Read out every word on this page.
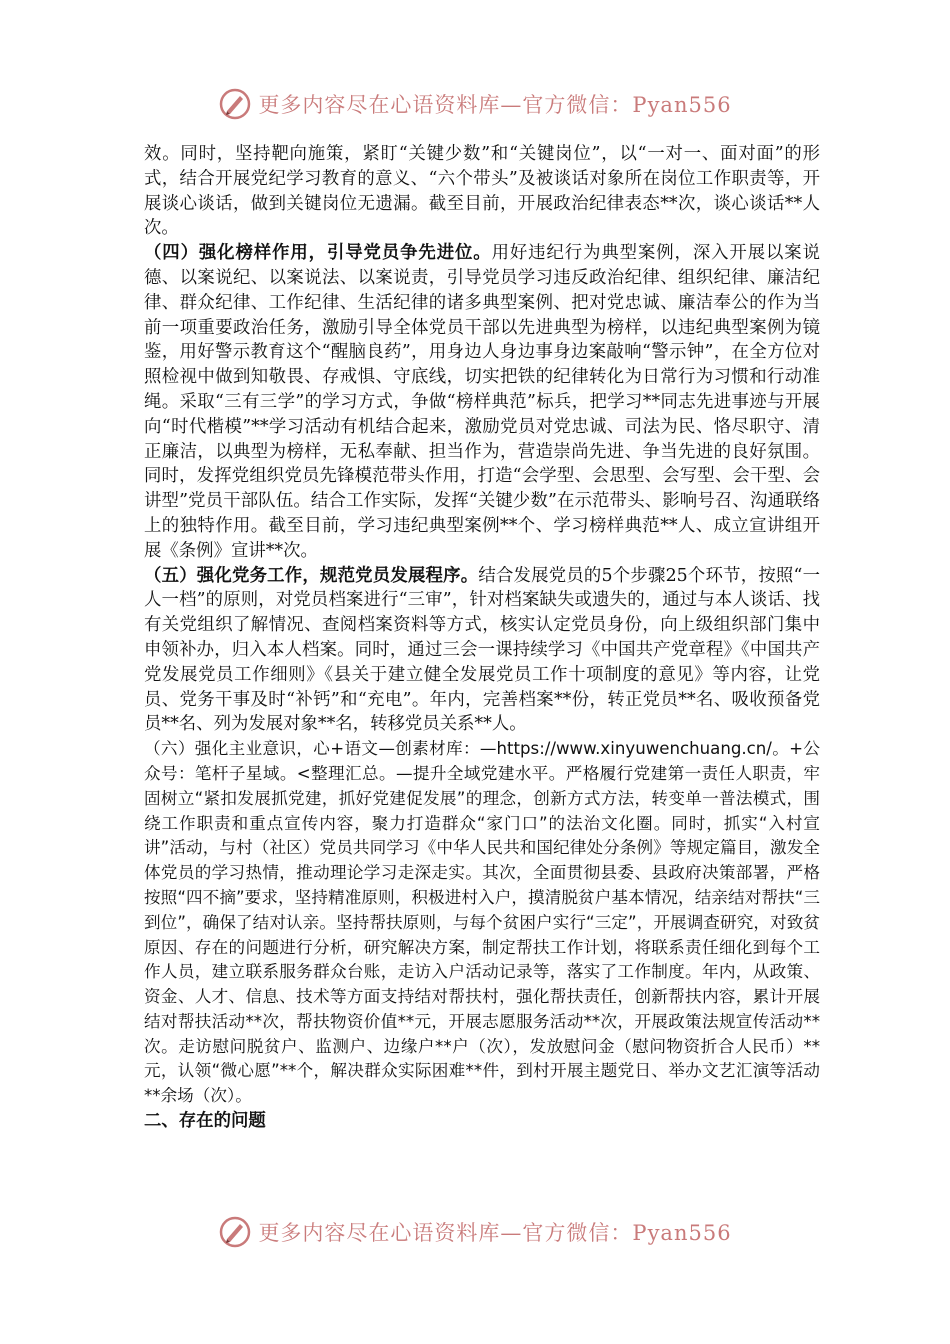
更多内容尽在心语资料库—官方微信：Pyan556

效。同时，坚持靶向施策，紧盯“关键少数”和“关键岗位”，以“一对一、面对面”的形式，结合开展党纪学习教育的意义、“六个带头”及被谈话对象所在岗位工作职责等，开展谈心谈话，做到关键岗位无遗漏。截至目前，开展政治纪律表态**次，谈心谈话**人次。

（四）强化榜样作用，引导党员争先进位。用好违纪行为典型案例，深入开展以案说德、以案说纪、以案说法、以案说责，引导党员学习违反政治纪律、组织纪律、廉洁纪律、群众纪律、工作纪律、生活纪律的诸多典型案例、把对党忠诚、廉洁奉公的作为当前一项重要政治任务，激励引导全体党员干部以先进典型为榜样，以违纪典型案例为镜鉴，用好警示教育这个“醒脑良药”，用身边人身边事身边案敲响“警示钟”，在全方位对照检视中做到知敬畏、存戒惧、守底线，切实把铁的纪律转化为日常行为习惯和行动准绳。采取“三有三学”的学习方式，争做“榜样典范”标兵，把学习**同志先进事迹与开展向“时代楷模”**学习活动有机结合起来，激励党员对党忠诚、司法为民、恪尽职守、清正廉洁，以典型为榜样，无私奉献、担当作为，营造崇尚先进、争当先进的良好氛围。同时，发挥党组织党员先锋模范带头作用，打造“会学型、会思型、会写型、会干型、会讲型”党员干部队伍。结合工作实际，发挥“关键少数”在示范带头、影响号召、沟通联络上的独特作用。截至目前，学习违纪典型案例**个、学习榜样典范**人、成立宣讲组开展《条例》宣讲**次。

（五）强化党务工作，规范党员发展程序。结合发展党员的5个步骤25个环节，按照“一人一档”的原则，对党员档案进行“三审”，针对档案缺失或遗失的，通过与本人谈话、找有关党组织了解情况、查阅档案资料等方式，核实认定党员身份，向上级组织部门集中申领补办，归入本人档案。同时，通过三会一课持续学习《中国共产党章程》《中国共产党发展党员工作细则》《县关于建立健全发展党员工作十项制度的意见》等内容，让党员、党务干事及时“补钙”和“充电”。年内，完善档案**份，转正党员**名、吸收预备党员**名、列为发展对象**名，转移党员关系**人。

（六）强化主业意识，心+语文—创素材库：—https://www.xinyuwenchuang.cn/。+公众号：笔杆子星域。<整理汇总。—提升全域党建水平。严格履行党建第一责任人职责，牢固树立“紧扣发展抓党建，抓好党建促发展”的理念，创新方式方法，转变单一普法模式，围绕工作职责和重点宣传内容，聚力打造群众“家门口”的法治文化圈。同时，抓实“入村宣讲”活动，与村（社区）党员共同学习《中华人民共和国纪律处分条例》等规定篇目，激发全体党员的学习热情，推动理论学习走深走实。其次，全面贯彻县委、县政府决策部署，严格按照“四不摘”要求，坚持精准原则，积极进村入户，摸清脱贫户基本情况，结亲结对帮扶“三到位”，确保了结对认亲。坚持帮扶原则，与每个贫困户实行“三定”，开展调查研究，对致贫原因、存在的问题进行分析，研究解决方案，制定帮扶工作计划，将联系责任细化到每个工作人员，建立联系服务群众台账，走访入户活动记录等，落实了工作制度。年内，从政策、资金、人才、信息、技术等方面支持结对帮扶村，强化帮扶责任，创新帮扶内容，累计开展结对帮扶活动**次，帮扶物资价值**元，开展志愿服务活动**次，开展政策法规宣传活动**次。走访慰问脱贫户、监测户、边缘户**户（次），发放慰问金（慰问物资折合人民币）**元，认领“微心愿”**个，解决群众实际困难**件，到村开展主题党日、举办文艺汇演等活动**余场（次）。

二、存在的问题

更多内容尽在心语资料库—官方微信：Pyan556
